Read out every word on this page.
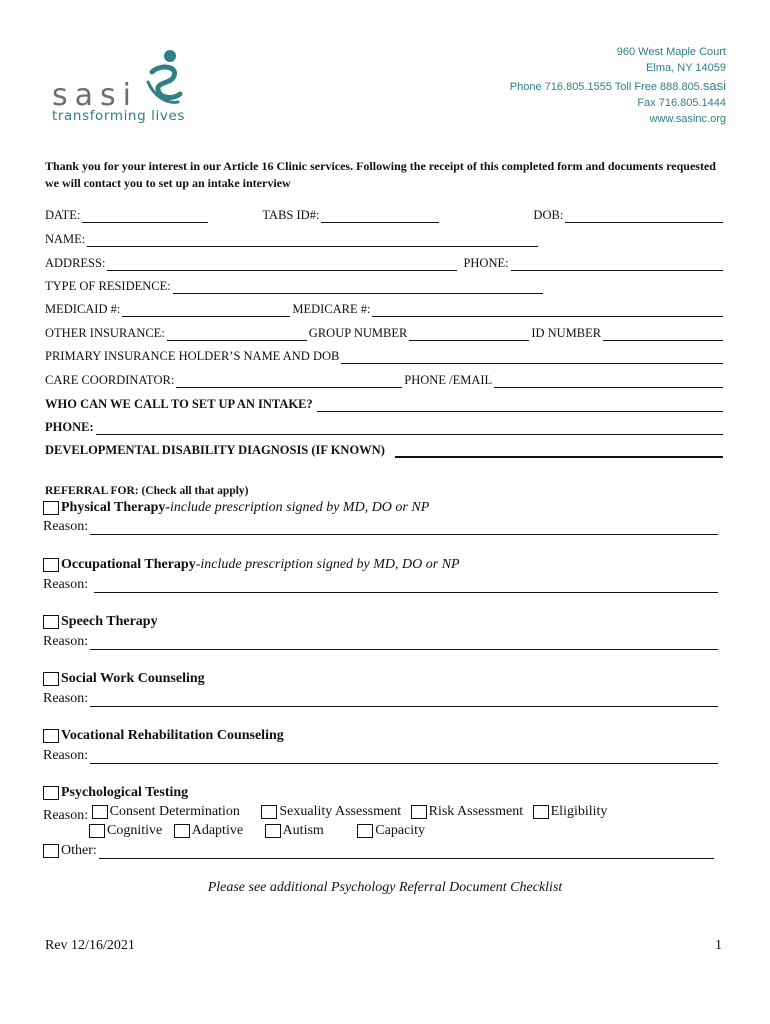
sasi
transforming lives
960 West Maple Court
Elma, NY 14059
Phone 716.805.1555 Toll Free 888.805.sasi
Fax 716.805.1444
www.sasinc.org
Thank you for your interest in our Article 16 Clinic services. Following the receipt of this completed form and documents requested we will contact you to set up an intake interview
DATE:	TABS ID#:	DOB:
NAME:
ADDRESS:	PHONE:
TYPE OF RESIDENCE:
MEDICAID #:	MEDICARE #:
OTHER INSURANCE:	GROUP NUMBER	ID NUMBER
PRIMARY INSURANCE HOLDER’S NAME AND DOB
CARE COORDINATOR:	PHONE /EMAIL
WHO CAN WE CALL TO SET UP AN INTAKE?
PHONE:
DEVELOPMENTAL DISABILITY DIAGNOSIS (IF KNOWN)
REFERRAL FOR: (Check all that apply)
Physical Therapy- include prescription signed by MD, DO or NP
Reason:
Occupational Therapy -include prescription signed by MD, DO or NP
Reason:
Speech Therapy
Reason:
Social Work Counseling
Reason:
Vocational Rehabilitation Counseling
Reason:
Psychological Testing
Reason: Consent Determination
	Sexuality Assessment
Risk Assessment
Eligibility
Cognitive
Adaptive
	Autism
	Capacity
Other:
Please see additional Psychology Referral Document Checklist
Rev 12/16/2021	1
